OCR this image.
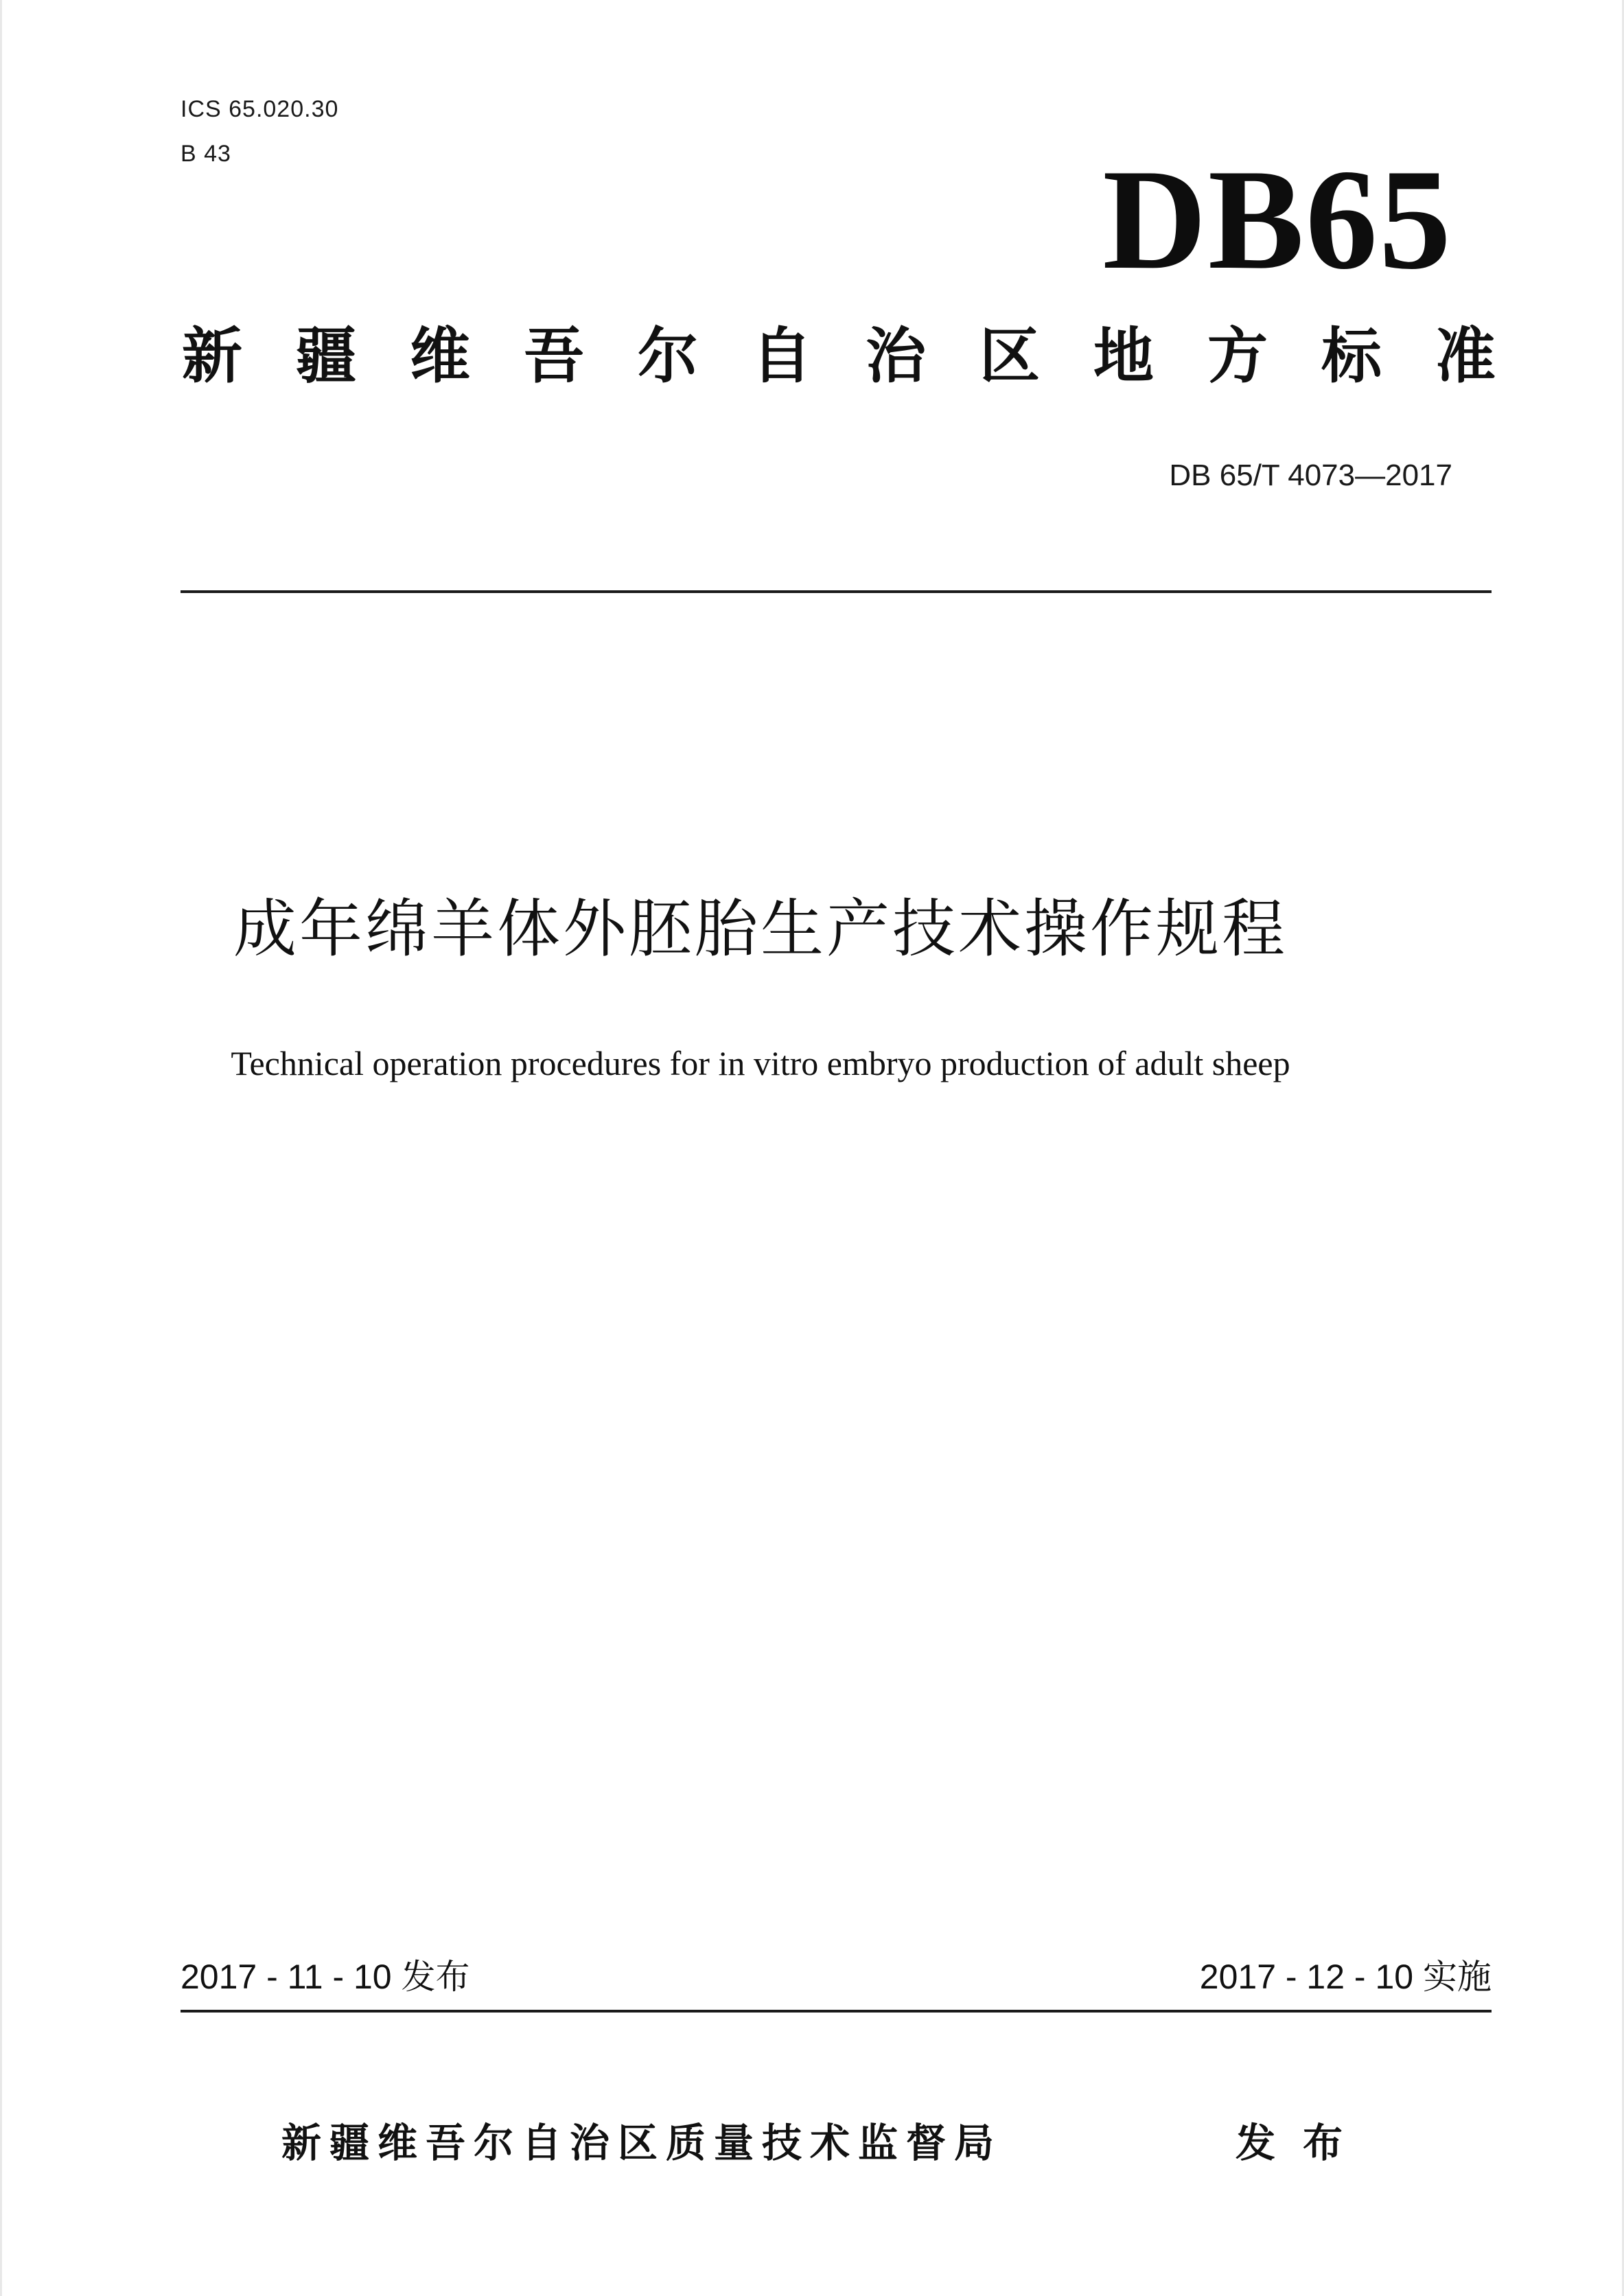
ICS 65.020.30
B 43	DB65
新疆维吾尔自治区地方标准
DB 65/T 4073—2017
成年绵羊体外胚胎生产技术操作规程
Technical operation procedures for in vitro embryo production of adult sheep
2017 - 11 - 10 发布	2017 - 12 - 10 实施
新疆维吾尔自治区质量技术监督局	发布
